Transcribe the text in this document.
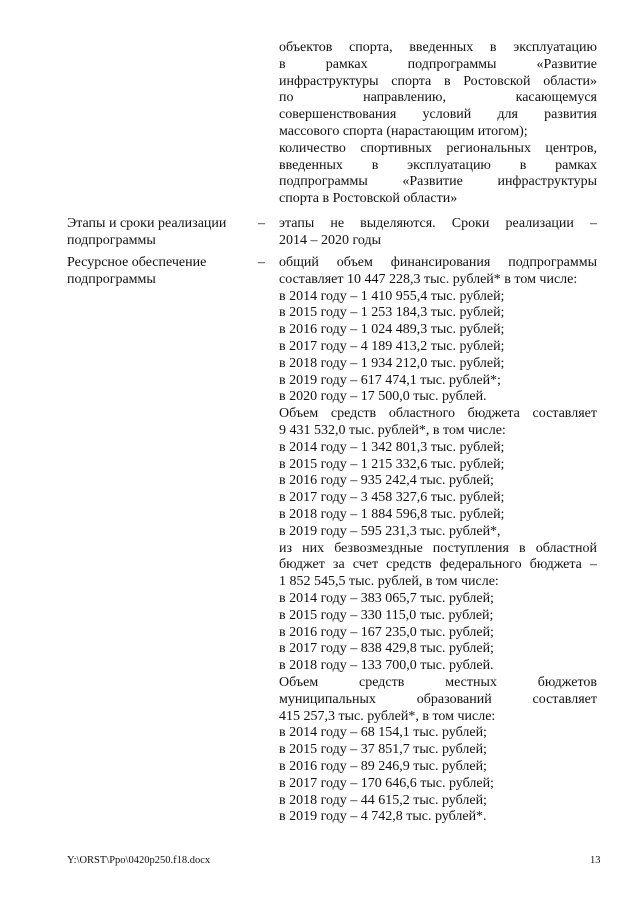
объектов спорта, введенных в эксплуатацию
в рамках подпрограммы «Развитие
инфраструктуры спорта в Ростовской области»
по направлению, касающемуся
совершенствования условий для развития
массового спорта (нарастающим итогом);
количество спортивных региональных центров,
введенных в эксплуатацию в рамках
подпрограммы «Развитие инфраструктуры
спорта в Ростовской области»
Этапы и сроки реализации
подпрограммы
– этапы не выделяются. Сроки реализации –
2014 – 2020 годы
Ресурсное обеспечение
подпрограммы
– общий объем финансирования подпрограммы
составляет 10 447 228,3 тыс. рублей* в том числе:
в 2014 году – 1 410 955,4 тыс. рублей;
в 2015 году – 1 253 184,3 тыс. рублей;
в 2016 году – 1 024 489,3 тыс. рублей;
в 2017 году – 4 189 413,2 тыс. рублей;
в 2018 году – 1 934 212,0 тыс. рублей;
в 2019 году – 617 474,1 тыс. рублей*;
в 2020 году – 17 500,0 тыс. рублей.
Объем средств областного бюджета составляет
9 431 532,0 тыс. рублей*, в том числе:
в 2014 году – 1 342 801,3 тыс. рублей;
в 2015 году – 1 215 332,6 тыс. рублей;
в 2016 году – 935 242,4 тыс. рублей;
в 2017 году – 3 458 327,6 тыс. рублей;
в 2018 году – 1 884 596,8 тыс. рублей;
в 2019 году – 595 231,3 тыс. рублей*,
из них безвозмездные поступления в областной
бюджет за счет средств федерального бюджета –
1 852 545,5 тыс. рублей, в том числе:
в 2014 году – 383 065,7 тыс. рублей;
в 2015 году – 330 115,0 тыс. рублей;
в 2016 году – 167 235,0 тыс. рублей;
в 2017 году – 838 429,8 тыс. рублей;
в 2018 году – 133 700,0 тыс. рублей.
Объем средств местных бюджетов
муниципальных образований составляет
415 257,3 тыс. рублей*, в том числе:
в 2014 году – 68 154,1 тыс. рублей;
в 2015 году – 37 851,7 тыс. рублей;
в 2016 году – 89 246,9 тыс. рублей;
в 2017 году – 170 646,6 тыс. рублей;
в 2018 году – 44 615,2 тыс. рублей;
в 2019 году – 4 742,8 тыс. рублей*.
Y:\ORST\Ppo\0420p250.f18.docx	13
